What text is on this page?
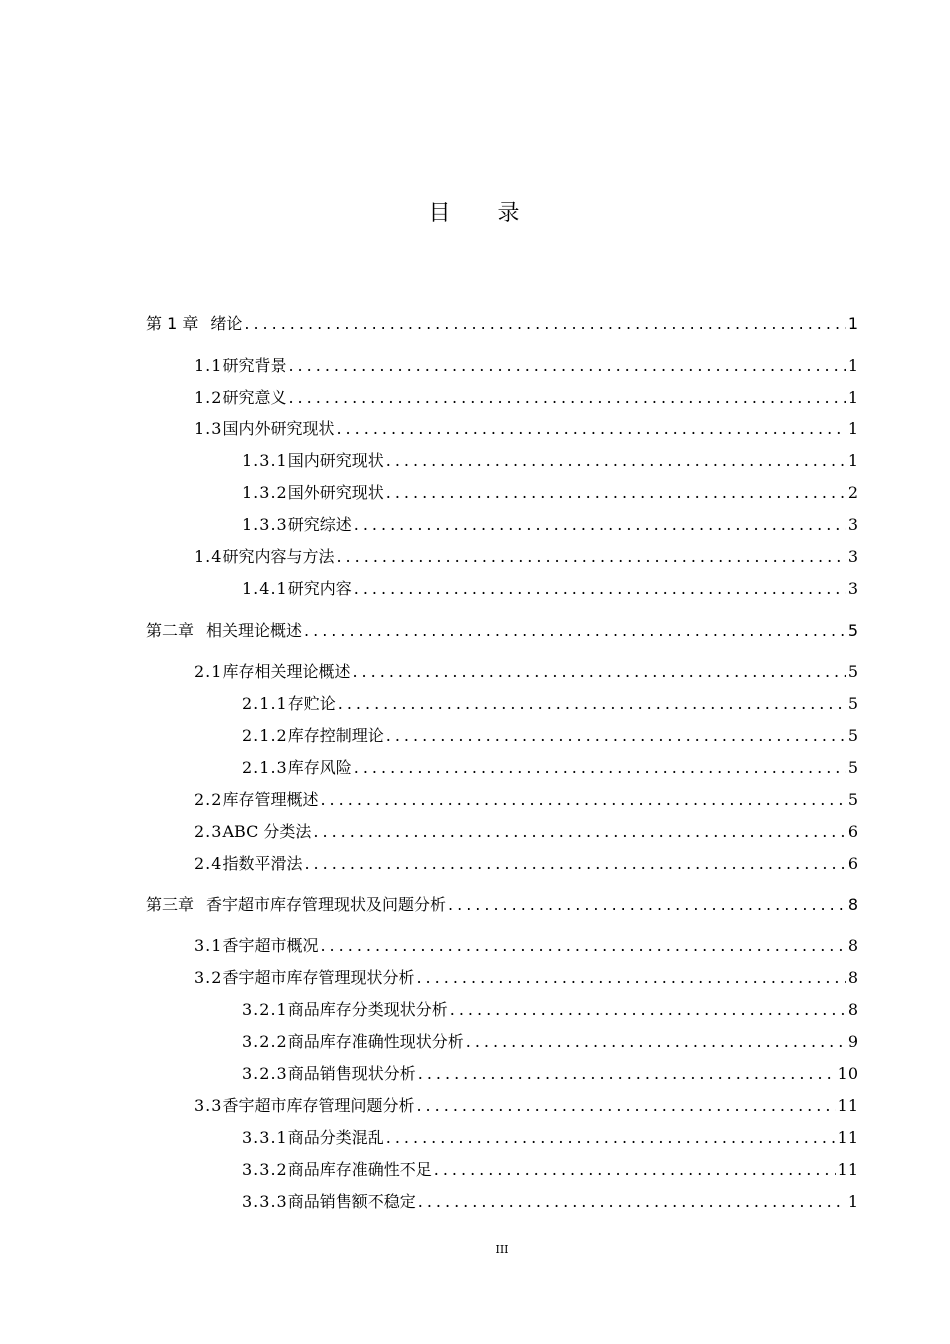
目 录
第 1 章 绪论 .....	1
1.1 研究背景 .....	1
1.2 研究意义 .....	1
1.3 国内外研究现状 .....	1
1.3.1 国内研究现状 .....	1
1.3.2 国外研究现状 .....	2
1.3.3 研究综述 .....	3
1.4 研究内容与方法 .....	3
1.4.1 研究内容 .....	3
第二章 相关理论概述 .....	5
2.1 库存相关理论概述 .....	5
2.1.1 存贮论 .....	5
2.1.2 库存控制理论 .....	5
2.1.3 库存风险 .....	5
2.2 库存管理概述 .....	5
2.3 ABC 分类法 .....	6
2.4 指数平滑法 .....	6
第三章 香宇超市库存管理现状及问题分析 .....	8
3.1 香宇超市概况 .....	8
3.2 香宇超市库存管理现状分析 .....	8
3.2.1 商品库存分类现状分析 .....	8
3.2.2 商品库存准确性现状分析 .....	9
3.2.3 商品销售现状分析 .....	10
3.3 香宇超市库存管理问题分析 .....	11
3.3.1 商品分类混乱 .....	11
3.3.2 商品库存准确性不足 .....	11
3.3.3 商品销售额不稳定 .....	1
III
